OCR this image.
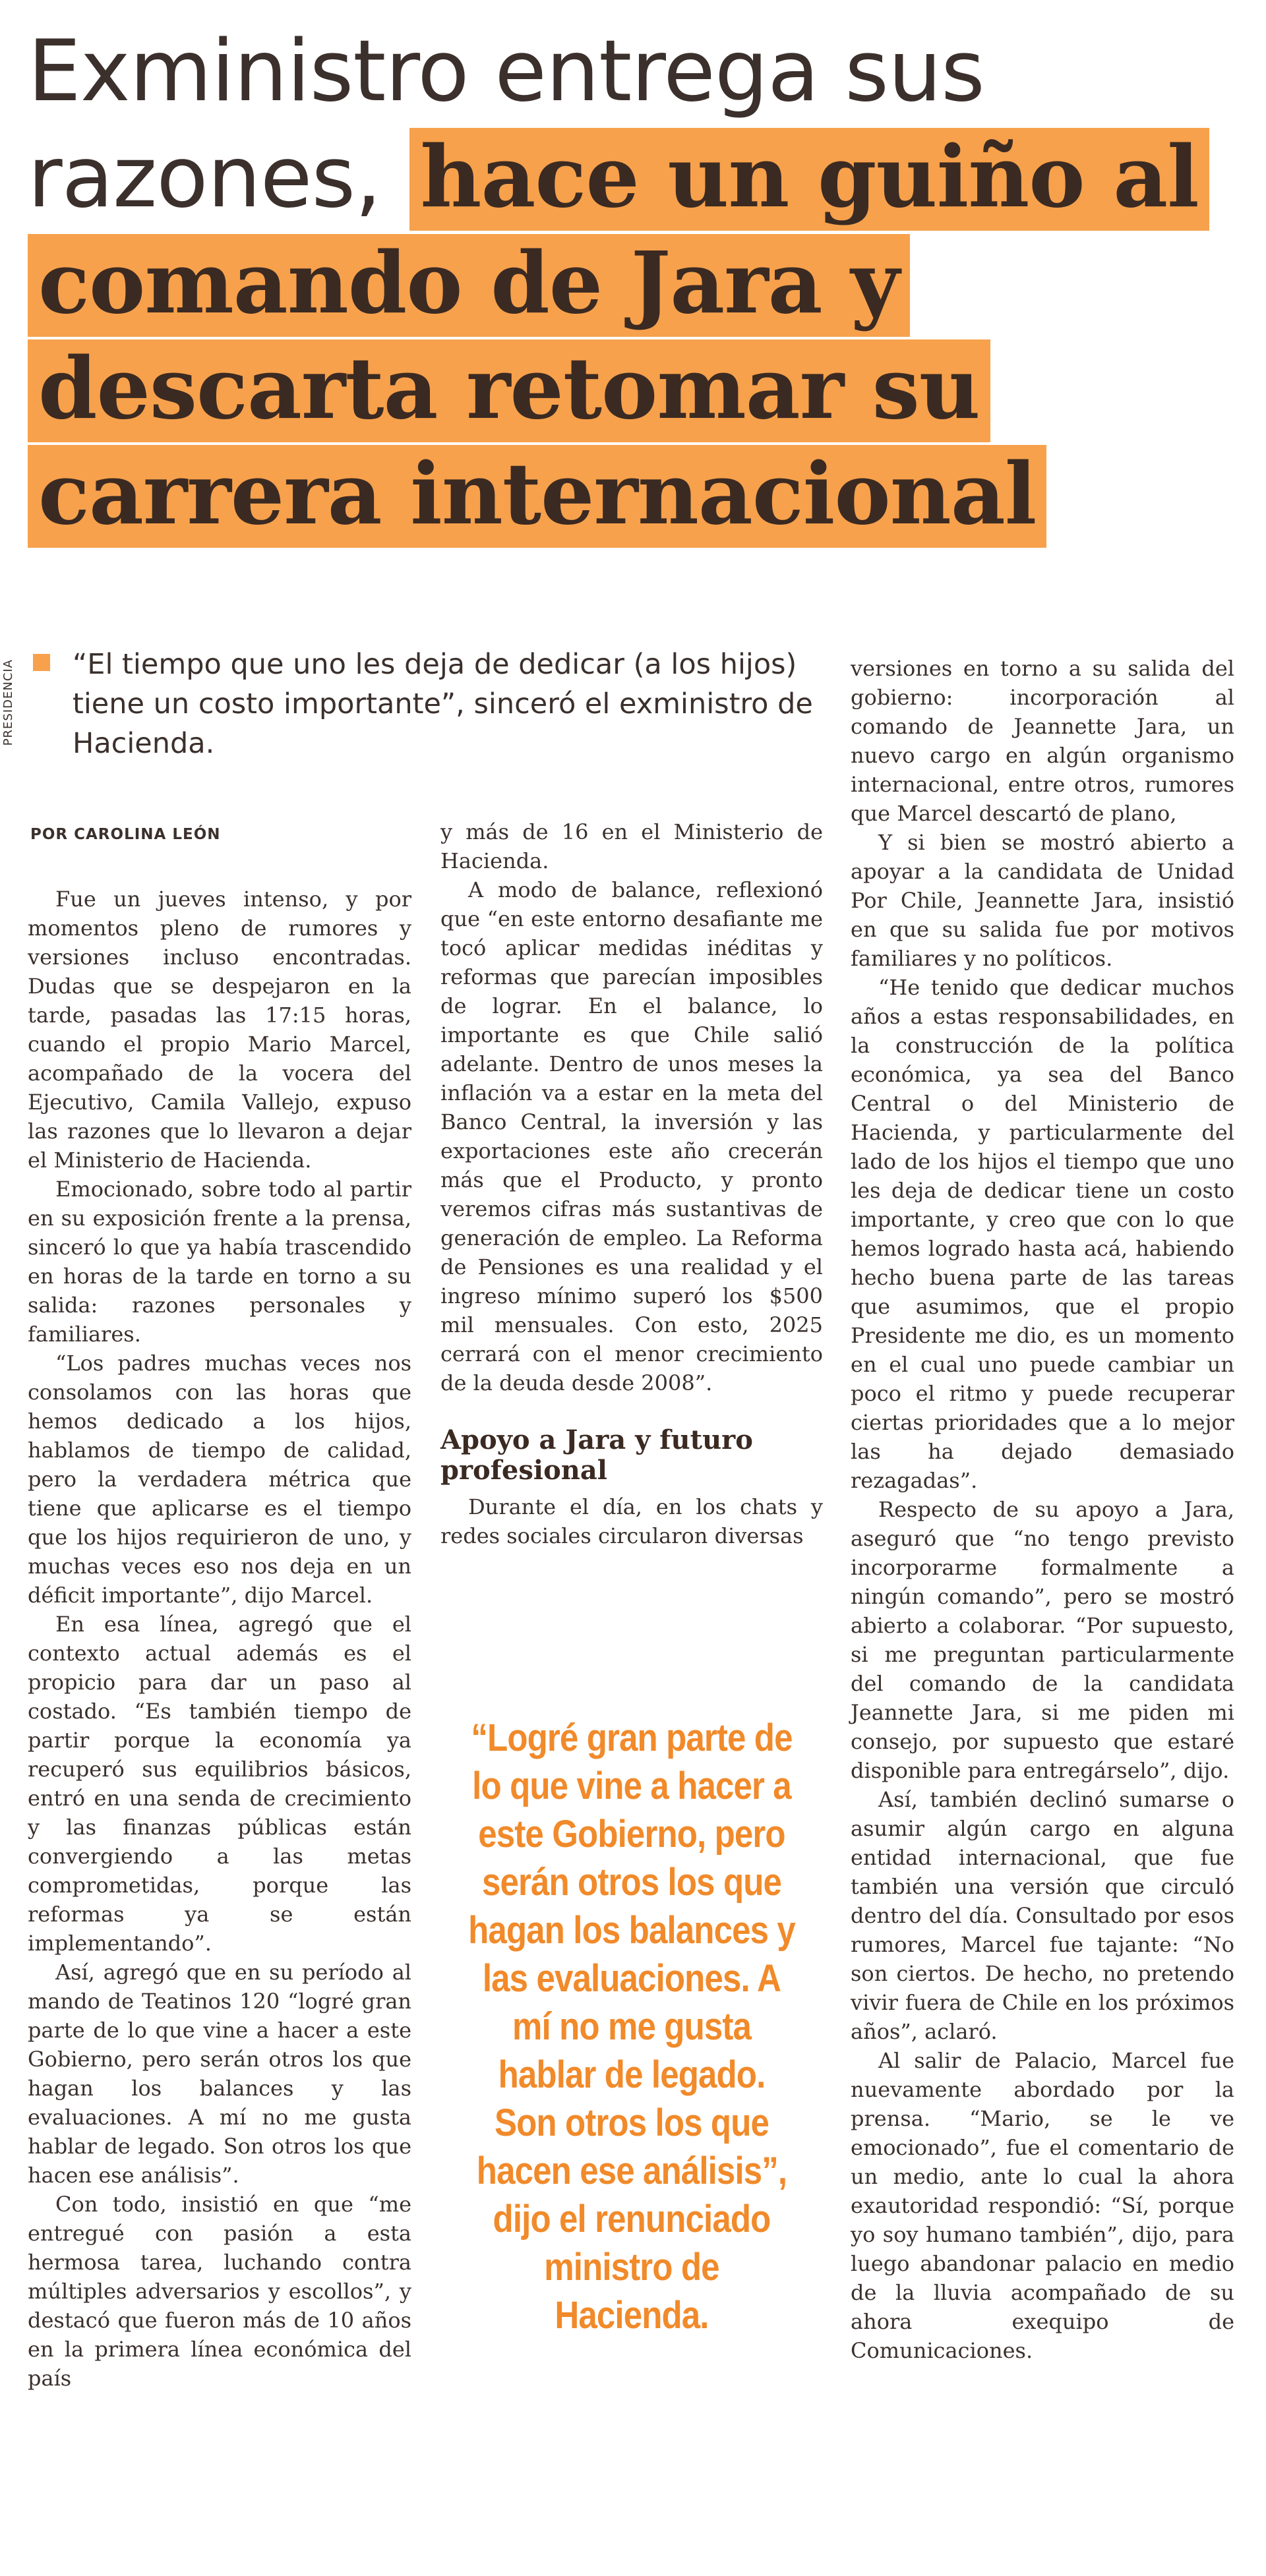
Exministro entrega sus razones, hace un guiño al comando de Jara y descarta retomar su carrera internacional
PRESIDENCIA	“El tiempo que uno les deja de dedicar (a los hijos) tiene un costo importante”, sinceró el exministro de Hacienda.
POR CAROLINA LEÓN

Fue un jueves intenso, y por momentos pleno de rumores y versiones incluso encontradas. Dudas que se despejaron en la tarde, pasadas las 17:15 horas, cuando el propio Mario Marcel, acompañado de la vocera del Ejecutivo, Camila Vallejo, expuso las razones que lo llevaron a dejar el Ministerio de Hacienda.

Emocionado, sobre todo al partir en su exposición frente a la prensa, sinceró lo que ya había trascendido en horas de la tarde en torno a su salida: razones personales y familiares.

“Los padres muchas veces nos consolamos con las horas que hemos dedicado a los hijos, hablamos de tiempo de calidad, pero la verdadera métrica que tiene que aplicarse es el tiempo que los hijos requirieron de uno, y muchas veces eso nos deja en un déficit importante”, dijo Marcel.

En esa línea, agregó que el contexto actual además es el propicio para dar un paso al costado. “Es también tiempo de partir porque la economía ya recuperó sus equilibrios básicos, entró en una senda de crecimiento y las finanzas públicas están convergiendo a las metas comprometidas, porque las reformas ya se están implementando”.

Así, agregó que en su período al mando de Teatinos 120 “logré gran parte de lo que vine a hacer a este Gobierno, pero serán otros los que hagan los balances y las evaluaciones. A mí no me gusta hablar de legado. Son otros los que hacen ese análisis”.

Con todo, insistió en que “me entregué con pasión a esta hermosa tarea, luchando contra múltiples adversarios y escollos”, y destacó que fueron más de 10 años en la primera línea económica del país

y más de 16 en el Ministerio de Hacienda.

A modo de balance, reflexionó que “en este entorno desafiante me tocó aplicar medidas inéditas y reformas que parecían imposibles de lograr. En el balance, lo importante es que Chile salió adelante. Dentro de unos meses la inflación va a estar en la meta del Banco Central, la inversión y las exportaciones este año crecerán más que el Producto, y pronto veremos cifras más sustantivas de generación de empleo. La Reforma de Pensiones es una realidad y el ingreso mínimo superó los $500 mil mensuales. Con esto, 2025 cerrará con el menor crecimiento de la deuda desde 2008”.

Apoyo a Jara y futuro profesional

Durante el día, en los chats y redes sociales circularon diversas

“Logré gran parte de lo que vine a hacer a este Gobierno, pero serán otros los que hagan los balances y las evaluaciones. A mí no me gusta hablar de legado. Son otros los que hacen ese análisis”, dijo el renunciado ministro de Hacienda.

versiones en torno a su salida del gobierno: incorporación al comando de Jeannette Jara, un nuevo cargo en algún organismo internacional, entre otros, rumores que Marcel descartó de plano,

Y si bien se mostró abierto a apoyar a la candidata de Unidad Por Chile, Jeannette Jara, insistió en que su salida fue por motivos familiares y no políticos.

“He tenido que dedicar muchos años a estas responsabilidades, en la construcción de la política económica, ya sea del Banco Central o del Ministerio de Hacienda, y particularmente del lado de los hijos el tiempo que uno les deja de dedicar tiene un costo importante, y creo que con lo que hemos logrado hasta acá, habiendo hecho buena parte de las tareas que asumimos, que el propio Presidente me dio, es un momento en el cual uno puede cambiar un poco el ritmo y puede recuperar ciertas prioridades que a lo mejor las ha dejado demasiado rezagadas”.

Respecto de su apoyo a Jara, aseguró que “no tengo previsto incorporarme formalmente a ningún comando”, pero se mostró abierto a colaborar. “Por supuesto, si me preguntan particularmente del comando de la candidata Jeannette Jara, si me piden mi consejo, por supuesto que estaré disponible para entregárselo”, dijo.

Así, también declinó sumarse o asumir algún cargo en alguna entidad internacional, que fue también una versión que circuló dentro del día. Consultado por esos rumores, Marcel fue tajante: “No son ciertos. De hecho, no pretendo vivir fuera de Chile en los próximos años”, aclaró.

Al salir de Palacio, Marcel fue nuevamente abordado por la prensa. “Mario, se le ve emocionado”, fue el comentario de un medio, ante lo cual la ahora exautoridad respondió: “Sí, porque yo soy humano también”, dijo, para luego abandonar palacio en medio de la lluvia acompañado de su ahora exequipo de Comunicaciones.
